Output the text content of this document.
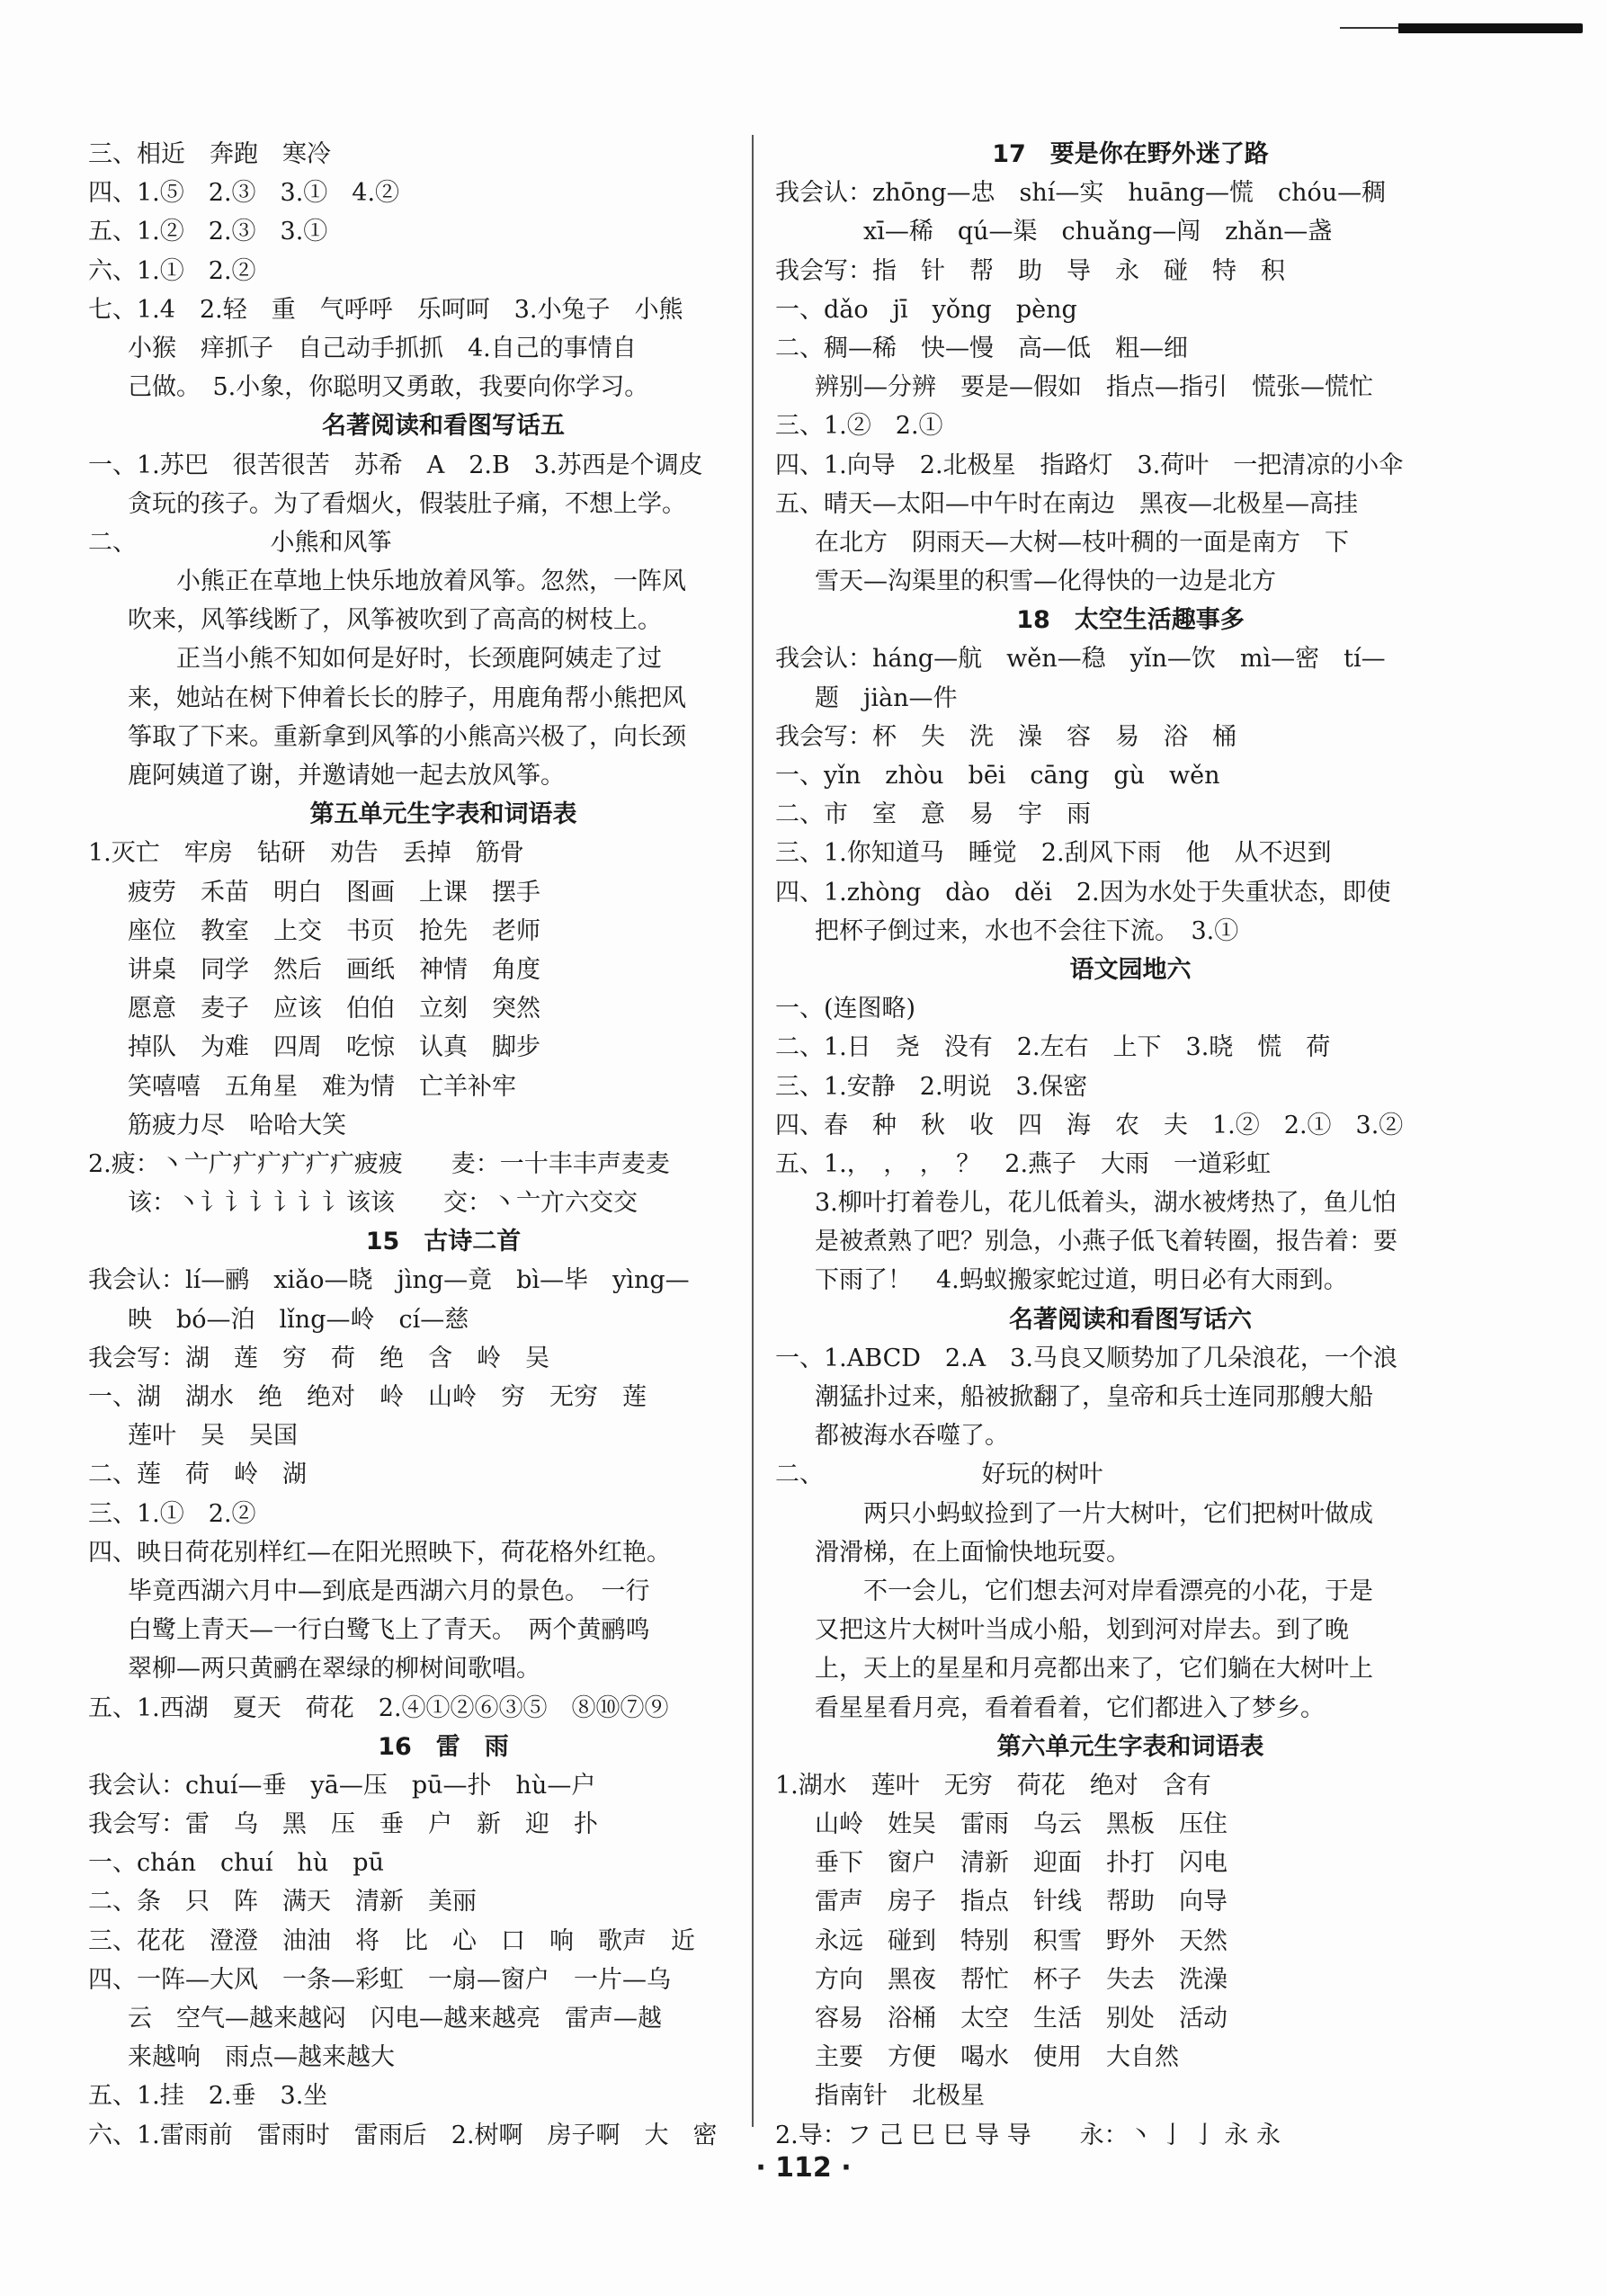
三、相近　奔跑　寒冷

四、1.⑤　2.③　3.①　4.②

五、1.②　2.③　3.①

六、1.①　2.②

七、1.4　2.轻　重　气呼呼　乐呵呵　3.小兔子　小熊

小猴　痒抓子　自己动手抓抓　4.自己的事情自

己做。　5.小象，你聪明又勇敢，我要向你学习。

名著阅读和看图写话五

一、1.苏巴　很苦很苦　苏希　A　2.B　3.苏西是个调皮

贪玩的孩子。为了看烟火，假装肚子痛，不想上学。

二、　　　　　　小熊和风筝

小熊正在草地上快乐地放着风筝。忽然，一阵风

吹来，风筝线断了，风筝被吹到了高高的树枝上。

正当小熊不知如何是好时，长颈鹿阿姨走了过

来，她站在树下伸着长长的脖子，用鹿角帮小熊把风

筝取了下来。重新拿到风筝的小熊高兴极了，向长颈

鹿阿姨道了谢，并邀请她一起去放风筝。

第五单元生字表和词语表

1.灭亡　牢房　钻研　劝告　丢掉　筋骨

疲劳　禾苗　明白　图画　上课　摆手

座位　教室　上交　书页　抢先　老师

讲桌　同学　然后　画纸　神情　角度

愿意　麦子　应该　伯伯　立刻　突然

掉队　为难　四周　吃惊　认真　脚步

笑嘻嘻　五角星　难为情　亡羊补牢

筋疲力尽　哈哈大笑

2.疲：丶亠广疒疒疒疒疒疲疲　　麦：一十丰丰声麦麦

该：丶讠讠讠讠讠讠该该　　交：丶亠亣六交交

15　古诗二首

我会认：lí—鹂　xiǎo—晓　jìng—竟　bì—毕　yìng—

映　bó—泊　lǐng—岭　cí—慈

我会写：湖　莲　穷　荷　绝　含　岭　吴

一、湖　湖水　绝　绝对　岭　山岭　穷　无穷　莲

莲叶　吴　吴国

二、莲　荷　岭　湖

三、1.①　2.②

四、映日荷花别样红—在阳光照映下，荷花格外红艳。

毕竟西湖六月中—到底是西湖六月的景色。　一行

白鹭上青天—一行白鹭飞上了青天。　两个黄鹂鸣

翠柳—两只黄鹂在翠绿的柳树间歌唱。

五、1.西湖　夏天　荷花　2.④①②⑥③⑤　⑧⑩⑦⑨

16　雷　雨

我会认：chuí—垂　yā—压　pū—扑　hù—户

我会写：雷　乌　黑　压　垂　户　新　迎　扑

一、chán　chuí　hù　pū

二、条　只　阵　满天　清新　美丽

三、花花　澄澄　油油　将　比　心　口　响　歌声　近

四、一阵—大风　一条—彩虹　一扇—窗户　一片—乌

云　空气—越来越闷　闪电—越来越亮　雷声—越

来越响　雨点—越来越大

五、1.挂　2.垂　3.坐

六、1.雷雨前　雷雨时　雷雨后　2.树啊　房子啊　大　密

17　要是你在野外迷了路

我会认：zhōng—忠　shí—实　huāng—慌　chóu—稠

xī—稀　qú—渠　chuǎng—闯　zhǎn—盏

我会写：指　针　帮　助　导　永　碰　特　积

一、dǎo　jī　yǒng　pèng

二、稠—稀　快—慢　高—低　粗—细

辨别—分辨　要是—假如　指点—指引　慌张—慌忙

三、1.②　2.①

四、1.向导　2.北极星　指路灯　3.荷叶　一把清凉的小伞

五、晴天—太阳—中午时在南边　黑夜—北极星—高挂

在北方　阴雨天—大树—枝叶稠的一面是南方　下

雪天—沟渠里的积雪—化得快的一边是北方

18　太空生活趣事多

我会认：háng—航　wěn—稳　yǐn—饮　mì—密　tí—

题　jiàn—件

我会写：杯　失　洗　澡　容　易　浴　桶

一、yǐn　zhòu　bēi　cāng　gù　wěn

二、市　室　意　易　宇　雨

三、1.你知道马　睡觉　2.刮风下雨　他　从不迟到

四、1.zhòng　dào　děi　2.因为水处于失重状态，即使

把杯子倒过来，水也不会往下流。　3.①

语文园地六

一、(连图略)

二、1.日　尧　没有　2.左右　上下　3.晓　慌　荷

三、1.安静　2.明说　3.保密

四、春　种　秋　收　四　海　农　夫　1.②　2.①　3.②

五、1.，　，　，　？　2.燕子　大雨　一道彩虹

3.柳叶打着卷儿，花儿低着头，湖水被烤热了，鱼儿怕

是被煮熟了吧？别急，小燕子低飞着转圈，报告着：要

下雨了！　4.蚂蚁搬家蛇过道，明日必有大雨到。

名著阅读和看图写话六

一、1.ABCD　2.A　3.马良又顺势加了几朵浪花，一个浪

潮猛扑过来，船被掀翻了，皇帝和兵士连同那艘大船

都被海水吞噬了。

二、　　　　　　　好玩的树叶

两只小蚂蚁捡到了一片大树叶，它们把树叶做成

滑滑梯，在上面愉快地玩耍。

不一会儿，它们想去河对岸看漂亮的小花，于是

又把这片大树叶当成小船，划到河对岸去。到了晚

上，天上的星星和月亮都出来了，它们躺在大树叶上

看星星看月亮，看着看着，它们都进入了梦乡。

第六单元生字表和词语表

1.湖水　莲叶　无穷　荷花　绝对　含有

山岭　姓吴　雷雨　乌云　黑板　压住

垂下　窗户　清新　迎面　扑打　闪电

雷声　房子　指点　针线　帮助　向导

永远　碰到　特别　积雪　野外　天然

方向　黑夜　帮忙　杯子　失去　洗澡

容易　浴桶　太空　生活　别处　活动

主要　方便　喝水　使用　大自然

指南针　北极星

2.导：フ 己 巳 巳 导 导　　永：丶 亅 亅 永 永

· 112 ·
